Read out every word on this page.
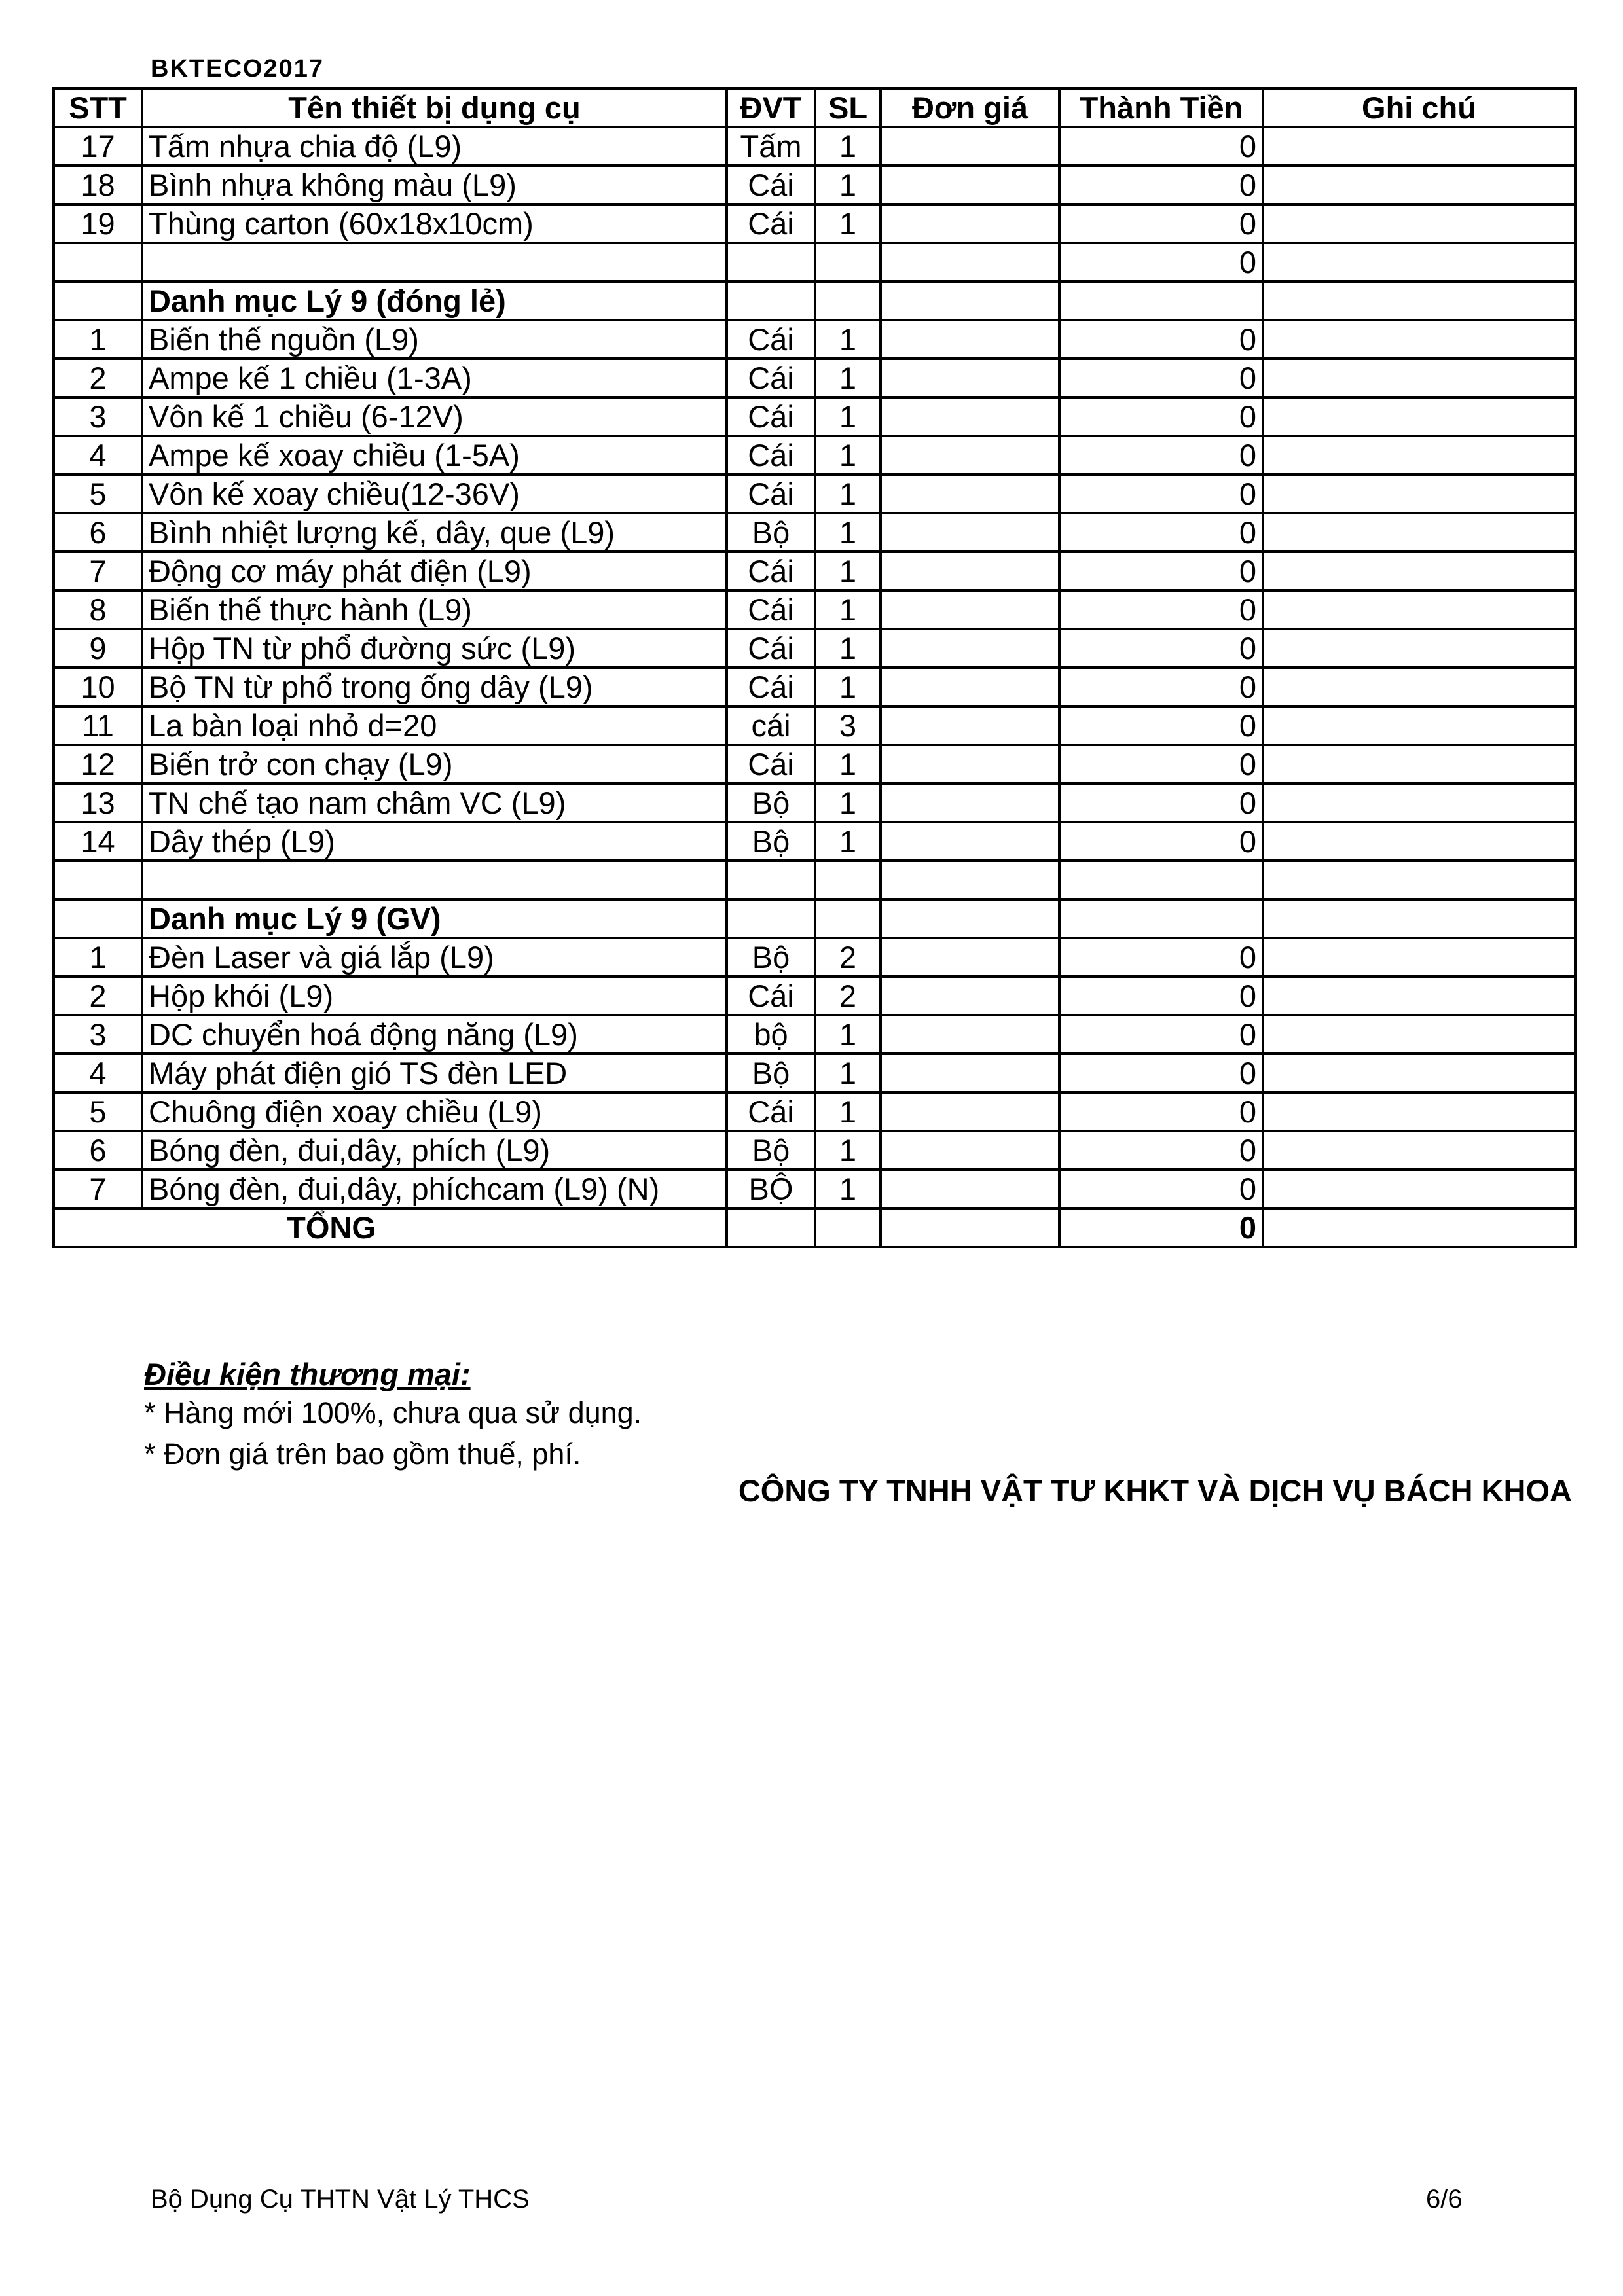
BKTECO2017
STT	Tên thiết bị dụng cụ	ĐVT	SL	Đơn giá	Thành Tiền	Ghi chú
17	Tấm nhựa chia độ (L9)	Tấm	1		0	
18	Bình nhựa không màu (L9)	Cái	1		0	
19	Thùng carton (60x18x10cm)	Cái	1		0	
					0	
	Danh mục Lý 9 (đóng lẻ)					
1	Biến thế nguồn (L9)	Cái	1		0	
2	Ampe kế 1 chiều (1-3A)	Cái	1		0	
3	Vôn kế 1 chiều (6-12V)	Cái	1		0	
4	Ampe kế xoay chiều (1-5A)	Cái	1		0	
5	Vôn kế xoay chiều(12-36V)	Cái	1		0	
6	Bình nhiệt lượng kế, dây, que (L9)	Bộ	1		0	
7	Động cơ máy phát điện (L9)	Cái	1		0	
8	Biến thế thực hành (L9)	Cái	1		0	
9	Hộp TN từ phổ đường sức (L9)	Cái	1		0	
10	Bộ TN từ phổ trong ống dây (L9)	Cái	1		0	
11	La bàn loại nhỏ d=20	cái	3		0	
12	Biến trở con chạy (L9)	Cái	1		0	
13	TN chế tạo nam châm VC (L9)	Bộ	1		0	
14	Dây thép (L9)	Bộ	1		0	

	Danh mục Lý 9 (GV)					
1	Đèn Laser và giá lắp (L9)	Bộ	2		0	
2	Hộp khói (L9)	Cái	2		0	
3	DC chuyển hoá động năng (L9)	bộ	1		0	
4	Máy phát điện gió TS đèn LED	Bộ	1		0	
5	Chuông điện xoay chiều (L9)	Cái	1		0	
6	Bóng đèn, đui,dây, phích (L9)	Bộ	1		0	
7	Bóng đèn, đui,dây, phíchcam (L9) (N)	BỘ	1		0	
TỔNG					0	
Điều kiện thương mại:
* Hàng mới 100%, chưa qua sử dụng.
* Đơn giá trên bao gồm thuế, phí.
CÔNG TY TNHH VẬT TƯ KHKT VÀ DỊCH VỤ BÁCH KHOA
Bộ Dụng Cụ THTN Vật Lý THCS	6/6
